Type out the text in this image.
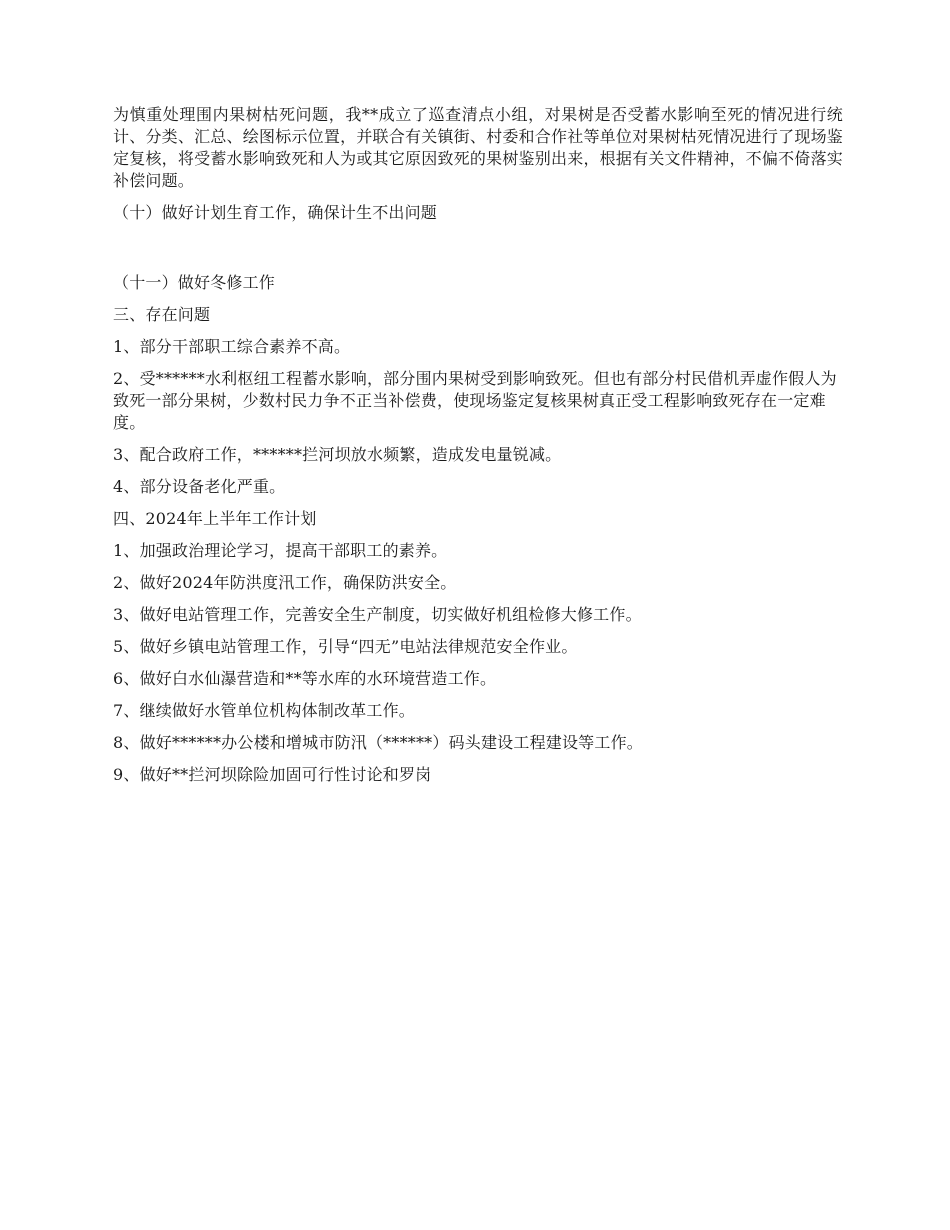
为慎重处理围内果树枯死问题，我**成立了巡查清点小组，对果树是否受蓄水影响至死的情况进行统计、分类、汇总、绘图标示位置，并联合有关镇街、村委和合作社等单位对果树枯死情况进行了现场鉴定复核，将受蓄水影响致死和人为或其它原因致死的果树鉴别出来，根据有关文件精神，不偏不倚落实补偿问题。

（十）做好计划生育工作，确保计生不出问题

（十一）做好冬修工作

三、存在问题

1、部分干部职工综合素养不高。

2、受******水利枢纽工程蓄水影响，部分围内果树受到影响致死。但也有部分村民借机弄虚作假人为致死一部分果树，少数村民力争不正当补偿费，使现场鉴定复核果树真正受工程影响致死存在一定难度。

3、配合政府工作，******拦河坝放水频繁，造成发电量锐减。

4、部分设备老化严重。

四、2024年上半年工作计划

1、加强政治理论学习，提高干部职工的素养。

2、做好2024年防洪度汛工作，确保防洪安全。

3、做好电站管理工作，完善安全生产制度，切实做好机组检修大修工作。

5、做好乡镇电站管理工作，引导“四无”电站法律规范安全作业。

6、做好白水仙瀑营造和**等水库的水环境营造工作。

7、继续做好水管单位机构体制改革工作。

8、做好******办公楼和增城市防汛（******）码头建设工程建设等工作。

9、做好**拦河坝除险加固可行性讨论和罗岗
